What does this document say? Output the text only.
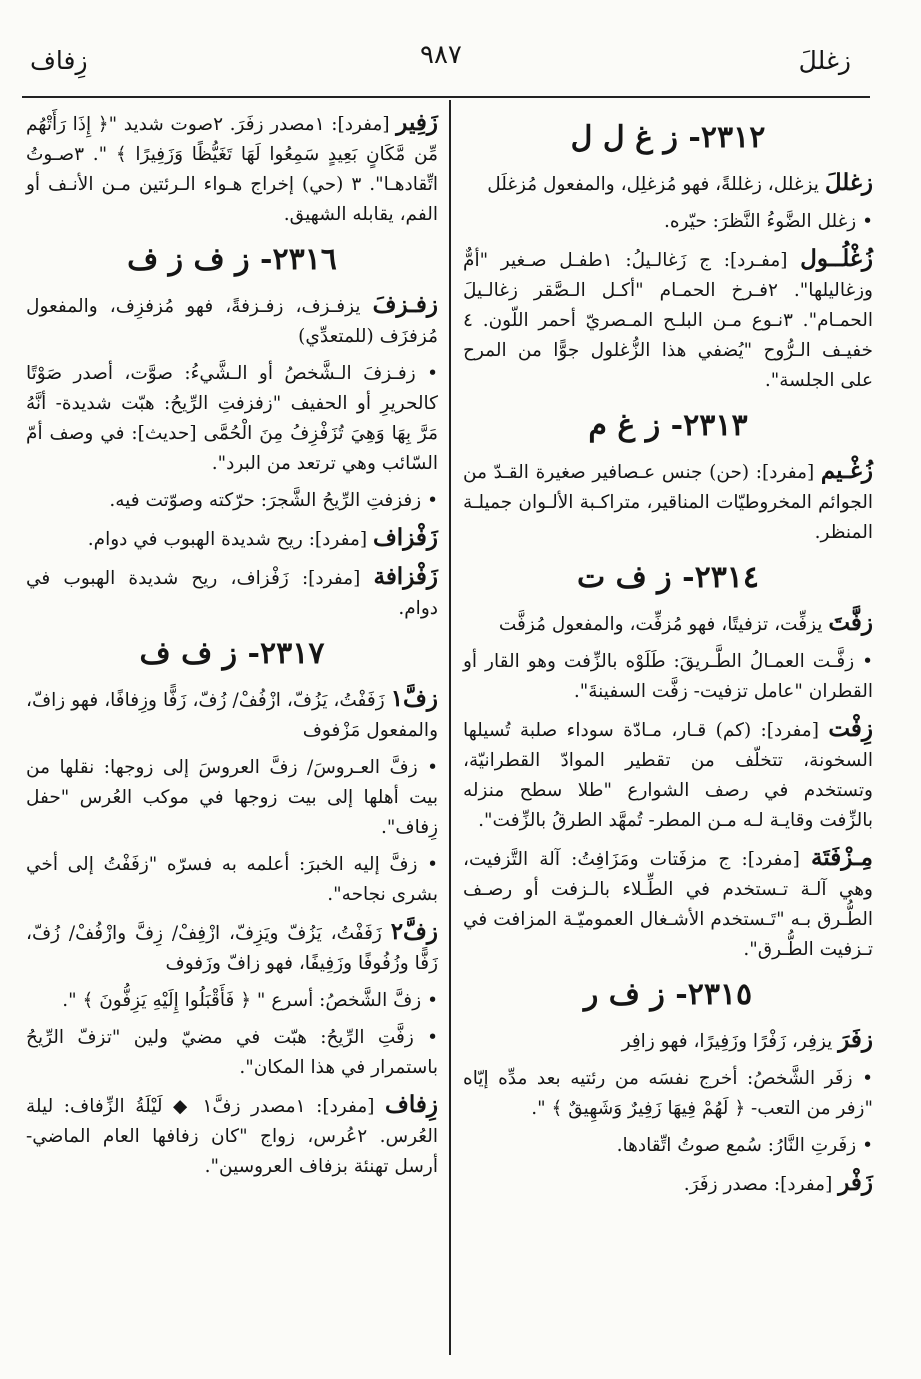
زغللَ
٩٨٧
زِفاف
٢٣١٢- ز غ ل ل
زغللَ يزغلل، زغللةً، فهو مُزغلِل، والمفعول مُزغلَل
• زغلل الضَّوءُ النَّظرَ: حيّره.
زُغْلُــول [مفـرد]: ج زَغالـيلُ: ١طفـل صـغير "أمٌّ وزغاليلها". ٢فـرخ الحمـام "أكـل الـصَّقر زغالـيلَ الحمـام". ٣نـوع مـن البلـح المـصريّ أحمر اللّون. ٤ خفيـف الـرُّوح "يُضفي هذا الزُّغلول جوًّا من المرح على الجلسة".
٢٣١٣- ز غ م
زُغْـيم [مفرد]: (حن) جنس عـصافير صغيرة القـدّ من الجوائم المخروطيّات المناقير، متراكـبة الألـوان جميلـة المنظر.
٢٣١٤- ز ف ت
زفَّتَ يزفِّت، تزفيتًا، فهو مُزفِّت، والمفعول مُزفَّت
• زفَّـت العمـالُ الطَّـريقَ: طَلَوْه بالزِّفت وهو القار أو القطران "عامل تزفيت- زفَّت السفينةَ".
زِفْت [مفرد]: (كم) قـار، مـادّة سوداء صلبة تُسيلها السخونة، تتخلّف من تقطير الموادّ القطرانيّة، وتستخدم في رصف الشوارع "طلا سطح منزله بالزِّفت وقايـة لـه مـن المطر- تُمهَّد الطرقُ بالزِّفت".
مِـزْفَتَة [مفرد]: ج مزفَتات ومَزَافِتُ: آلة التَّزفيت، وهي آلـة تـستخدم في الطِّـلاء بالـزفت أو رصـف الطُّـرق بـه "تَـستخدم الأشـغال العموميّـة المزافت في تـزفيت الطُّـرق".
٢٣١٥- ز ف ر
زفَرَ يزفِر، زَفْرًا وزَفِيرًا، فهو زافِر
• زفَر الشَّخصُ: أخرج نفسَه من رئتيه بعد مدِّه إيّاه "زفر من التعب- ﴿ لَهُمْ فِيهَا زَفِيرٌ وَشَهِيقٌ ﴾ ".
• زفَرتِ النَّارُ: سُمع صوتُ اتِّقادها.
زَفْر [مفرد]: مصدر زفَرَ.
زَفِير [مفرد]: ١مصدر زفَرَ. ٢صوت شديد "﴿ إِذَا رَأَتْهُم مِّن مَّكَانٍ بَعِيدٍ سَمِعُوا لَهَا تَغَيُّظًا وَزَفِيرًا ﴾ ". ٣صـوتُ اتِّقادهـا". ٣ (حي) إخراج هـواء الـرئتين مـن الأنـف أو الفم، يقابله الشهيق.
٢٣١٦- ز ف ز ف
زفـزفَ يزفـزف، زفـزفةً، فهو مُزفزِف، والمفعول مُزفزَف (للمتعدِّي)
• زفـزفَ الـشَّخصُ أو الـشَّيءُ: صوَّت، أصدر صَوْتًا كالحريرِ أو الحفيف "زفزفتِ الرِّيحُ: هبّت شديدة- أنَّهُ مَرَّ بِهَا وَهِيَ تُزَفْزِفُ مِنَ الْحُمَّى [حديث]: في وصف أمّ السّائب وهي ترتعد من البرد".
• زفزفتِ الرِّيحُ الشَّجرَ: حرّكته وصوّتت فيه.
زَفْزاف [مفرد]: ريح شديدة الهبوب في دوام.
زَفْزافة [مفرد]: زَفْزاف، ريح شديدة الهبوب في دوام.
٢٣١٧- ز ف ف
زفَّ١ زَفَفْتُ، يَزُفّ، ازْفُفْ/ زُفّ، زَفًّا وزِفافًا، فهو زافّ، والمفعول مَزْفوف
• زفَّ العـروسَ/ زفَّ العروسَ إلى زوجها: نقلها من بيت أهلها إلى بيت زوجها في موكب العُرس "حفل زِفاف".
• زفَّ إليه الخبرَ: أعلمه به فسرّه "زفَفْتُ إلى أخي بشرى نجاحه".
زفَّ٢ زَفَفْتُ، يَزُفّ ويَزِفّ، ازْفِفْ/ زِفَّ وازْفُفْ/ زُفّ، زَفًّا وزُفُوفًا وزَفِيفًا، فهو زافّ وزَفوف
• زفَّ الشَّخصُ: أسرع " ﴿ فَأَقْبَلُوا إِلَيْهِ يَزِفُّونَ ﴾ ".
• زفَّتِ الرِّيحُ: هبّت في مضيّ ولين "تزفّ الرِّيحُ باستمرار في هذا المكان".
زِفاف [مفرد]: ١مصدر زفَّ١ ◆ لَيْلَةُ الزِّفاف: ليلة العُرس. ٢عُرس، زواج "كان زفافها العام الماضي- أرسل تهنئة بزفاف العروسين".
